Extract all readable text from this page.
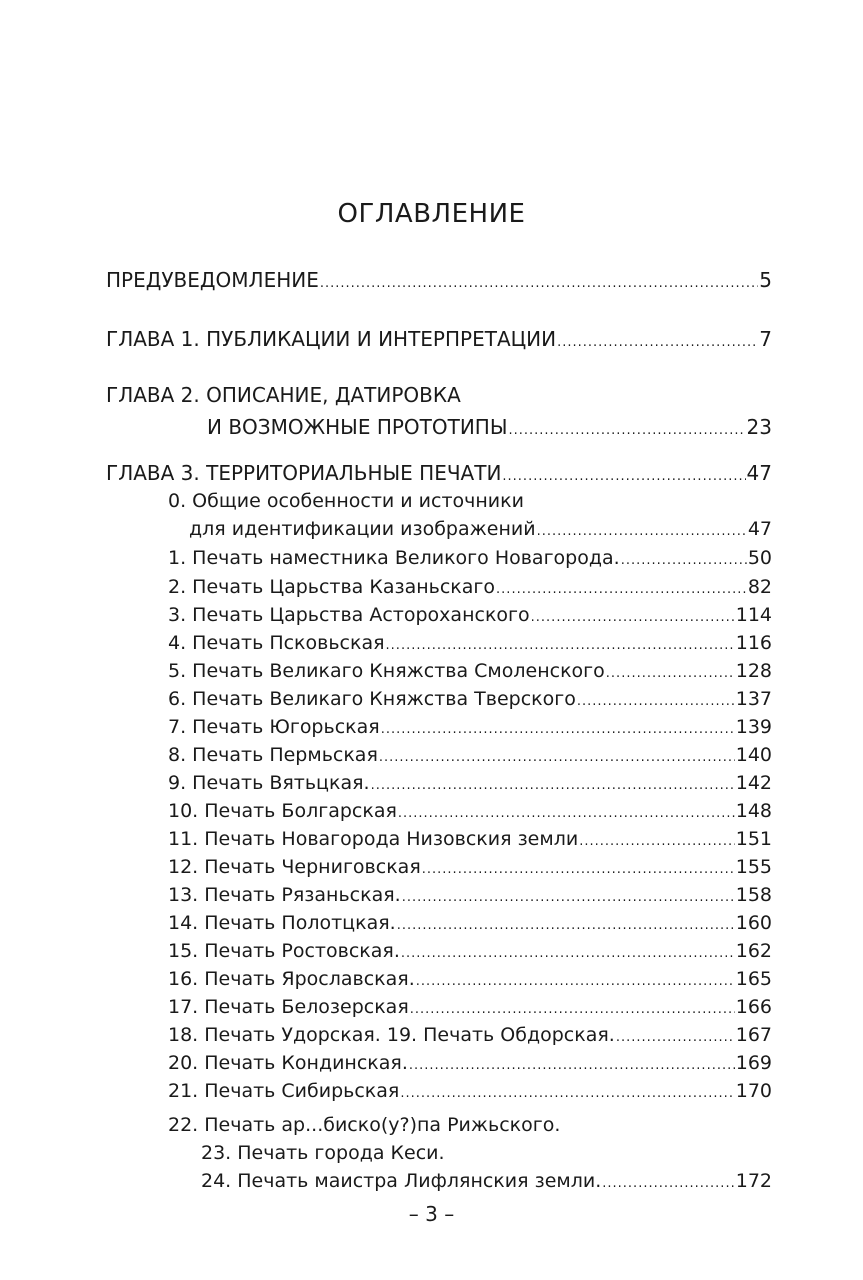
ОГЛАВЛЕНИЕ
ПРЕДУВЕДОМЛЕНИЕ .....	5
ГЛАВА 1. ПУБЛИКАЦИИ И ИНТЕРПРЕТАЦИИ .....	7
ГЛАВА 2. ОПИСАНИЕ, ДАТИРОВКА
И ВОЗМОЖНЫЕ ПРОТОТИПЫ .....	23
ГЛАВА 3. ТЕРРИТОРИАЛЬНЫЕ ПЕЧАТИ .....	47
0. Общие особенности и источники
для идентификации изображений .....	47
1. Печать наместника Великого Новагорода. .....	50
2. Печать Царьства Казаньскаго .....	82
3. Печать Царьства Астороханского .....	114
4. Печать Псковьская .....	116
5. Печать Великаго Княжства Смоленского .....	128
6. Печать Великаго Княжства Тверского .....	137
7. Печать Югорьская .....	139
8. Печать Пермьская .....	140
9. Печать Вятьцкая. .....	142
10. Печать Болгарская .....	148
11. Печать Новагорода Низовския земли .....	151
12. Печать Черниговская .....	155
13. Печать Рязаньская. .....	158
14. Печать Полотцкая. .....	160
15. Печать Ростовская. .....	162
16. Печать Ярославская. .....	165
17. Печать Белозерская .....	166
18. Печать Удорская. 19. Печать Обдорская. .....	167
20. Печать Кондинская. .....	169
21. Печать Сибирьская .....	170
22. Печать ар...биско(у?)па Рижьского.
23. Печать города Кеси.
24. Печать маистра Лифлянския земли. .....	172
– 3 –
